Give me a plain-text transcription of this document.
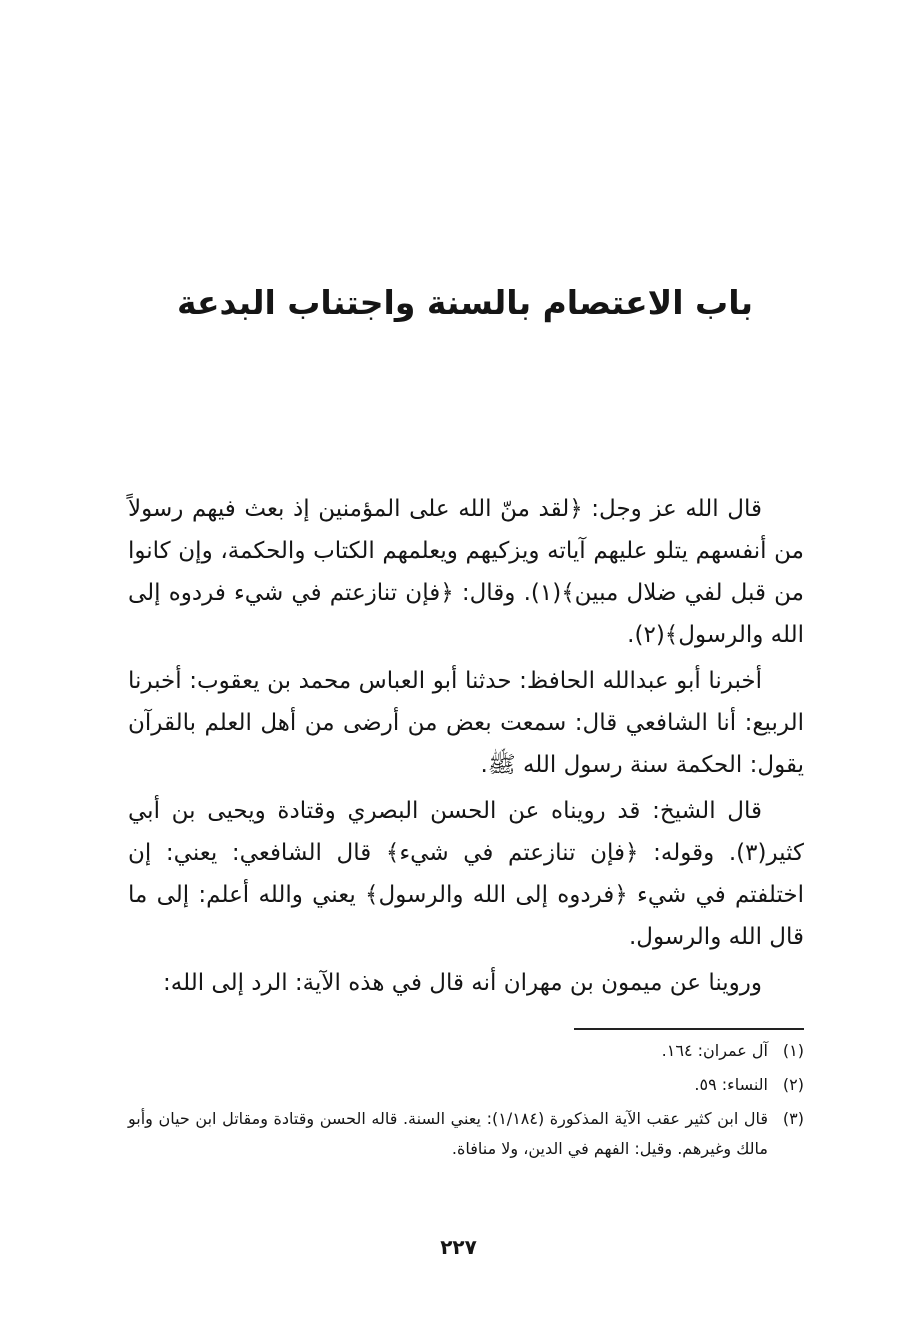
باب الاعتصام بالسنة واجتناب البدعة

قال الله عز وجل: ﴿لقد منّ الله على المؤمنين إذ بعث فيهم رسولاً من أنفسهم يتلو عليهم آياته ويزكيهم ويعلمهم الكتاب والحكمة، وإن كانوا من قبل لفي ضلال مبين﴾(١). وقال: ﴿فإن تنازعتم في شيء فردوه إلى الله والرسول﴾(٢).

أخبرنا أبو عبدالله الحافظ: حدثنا أبو العباس محمد بن يعقوب: أخبرنا الربيع: أنا الشافعي قال: سمعت بعض من أرضى من أهل العلم بالقرآن يقول: الحكمة سنة رسول الله ﷺ.

قال الشيخ: قد رويناه عن الحسن البصري وقتادة ويحيى بن أبي كثير(٣). وقوله: ﴿فإن تنازعتم في شيء﴾ قال الشافعي: يعني: إن اختلفتم في شيء ﴿فردوه إلى الله والرسول﴾ يعني والله أعلم: إلى ما قال الله والرسول.

وروينا عن ميمون بن مهران أنه قال في هذه الآية: الرد إلى الله:

(١)
آل عمران: ١٦٤.
(٢)
النساء: ٥٩.
(٣)
قال ابن كثير عقب الآية المذكورة (١/١٨٤): يعني السنة. قاله الحسن وقتادة ومقاتل ابن حيان وأبو مالك وغيرهم. وقيل: الفهم في الدين، ولا منافاة.
٢٢٧
